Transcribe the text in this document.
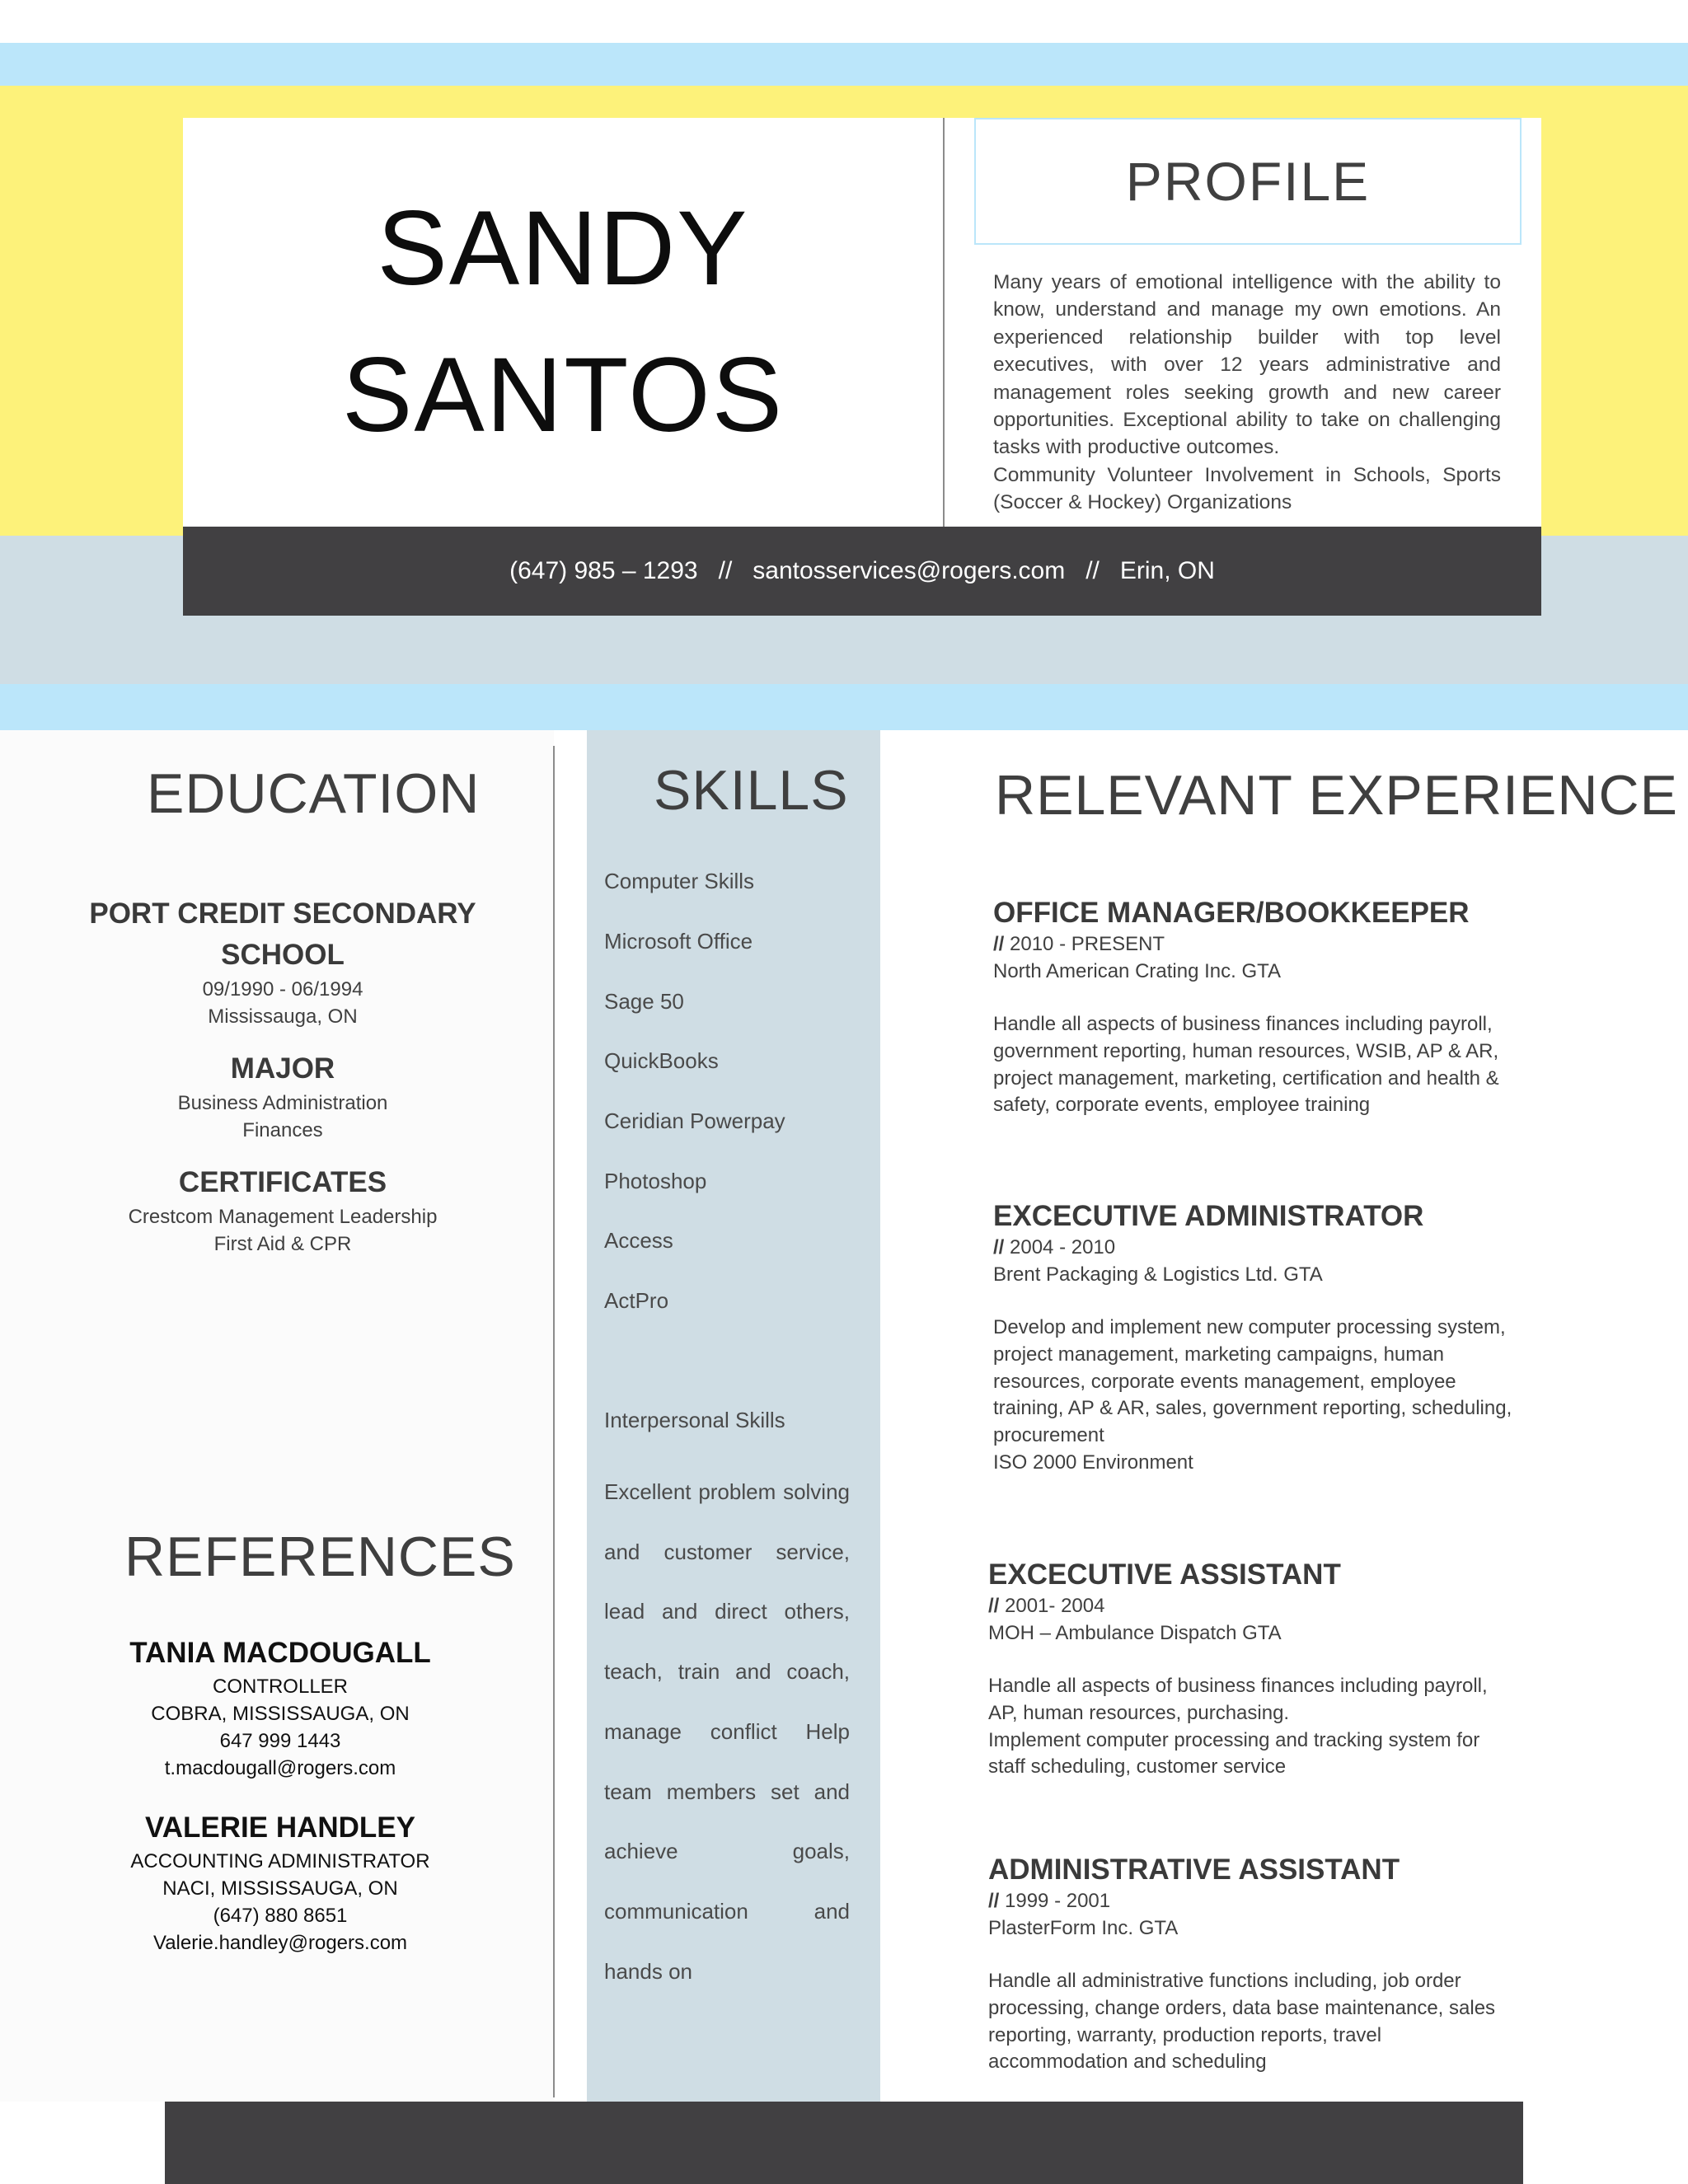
SANDY
SANTOS
PROFILE

Many years of emotional intelligence with the ability to know, understand and manage my own emotions. An experienced relationship builder with top level executives, with over 12 years administrative and management roles seeking growth and new career opportunities. Exceptional ability to take on challenging tasks with productive outcomes.

Community Volunteer Involvement in Schools, Sports (Soccer & Hockey) Organizations

(647) 985 – 1293   //   santosservices@rogers.com   //   Erin, ON
EDUCATION
PORT CREDIT SECONDARY
SCHOOL
09/1990 - 06/1994
Mississauga, ON
MAJOR
Business Administration
Finances
CERTIFICATES
Crestcom Management Leadership
First Aid & CPR
REFERENCES
TANIA MACDOUGALL
CONTROLLER
COBRA, MISSISSAUGA, ON
647 999 1443
t.macdougall@rogers.com
VALERIE HANDLEY
ACCOUNTING ADMINISTRATOR
NACI, MISSISSAUGA, ON
(647) 880 8651
Valerie.handley@rogers.com
SKILLS
Computer Skills
Microsoft Office
Sage 50
QuickBooks
Ceridian Powerpay
Photoshop
Access
ActPro
Interpersonal Skills
Excellent problem solving and customer service, lead and direct others, teach, train and coach, manage conflict Help team members set and achieve goals, communication and hands on
RELEVANT EXPERIENCE
OFFICE MANAGER/BOOKKEEPER
// 2010 - PRESENT
North American Crating Inc. GTA

Handle all aspects of business finances including payroll, government reporting, human resources, WSIB, AP & AR, project management, marketing, certification and health & safety, corporate events, employee training

EXCECUTIVE ADMINISTRATOR
// 2004 - 2010
Brent Packaging & Logistics Ltd. GTA

Develop and implement new computer processing system, project management, marketing campaigns, human resources, corporate events management, employee training, AP & AR, sales, government reporting, scheduling, procurement

ISO 2000 Environment

EXCECUTIVE ASSISTANT
// 2001- 2004
MOH – Ambulance Dispatch GTA

Handle all aspects of business finances including payroll, AP, human resources, purchasing.

Implement computer processing and tracking system for staff scheduling, customer service

ADMINISTRATIVE ASSISTANT
// 1999 - 2001
PlasterForm Inc. GTA

Handle all administrative functions including, job order processing, change orders, data base maintenance, sales reporting, warranty, production reports, travel accommodation and scheduling
